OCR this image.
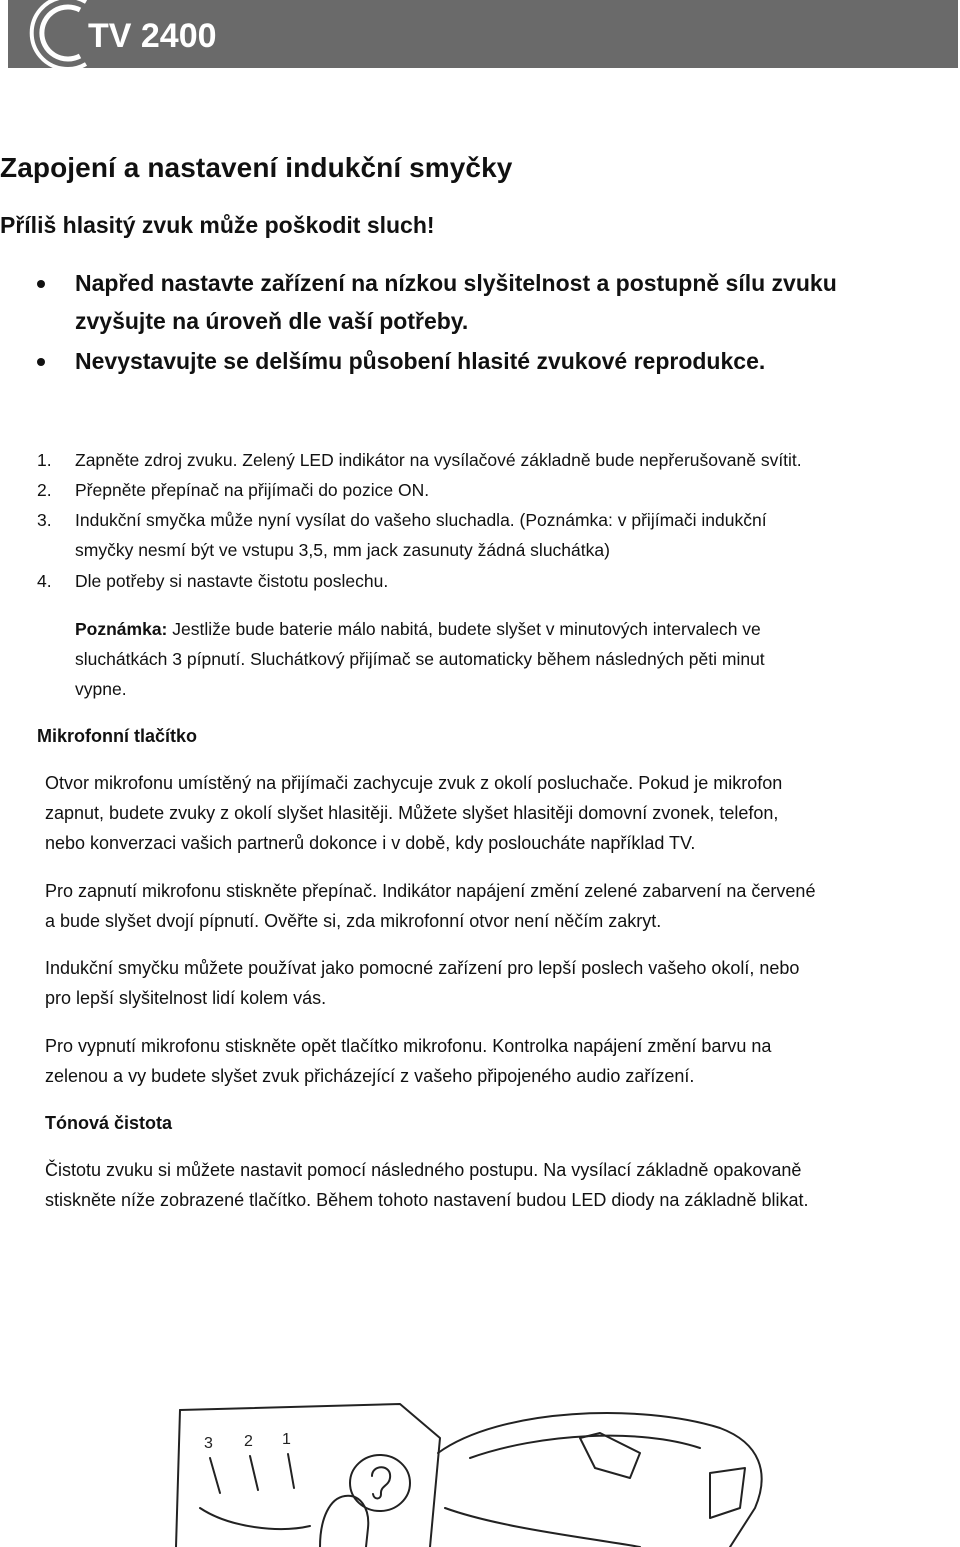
TV 2400
Zapojení a nastavení indukční smyčky
Příliš hlasitý zvuk může poškodit sluch!
Napřed nastavte zařízení na nízkou slyšitelnost a postupně sílu zvuku
zvyšujte na úroveň dle vaší potřeby.
Nevystavujte se delšímu působení hlasité zvukové reprodukce.
1. Zapněte zdroj zvuku. Zelený LED indikátor na vysílačové základně bude nepřerušovaně svítit.
2. Přepněte přepínač na přijímači do pozice ON.
3. Indukční smyčka může nyní vysílat do vašeho sluchadla. (Poznámka: v přijímači indukční
smyčky nesmí být ve vstupu 3,5, mm jack zasunuty žádná sluchátka)
4. Dle potřeby si nastavte čistotu poslechu.
Poznámka: Jestliže bude baterie málo nabitá, budete slyšet v minutových intervalech ve
sluchátkách 3 pípnutí. Sluchátkový přijímač se automaticky během následných pěti minut
vypne.
Mikrofonní tlačítko
Otvor mikrofonu umístěný na přijímači zachycuje zvuk z okolí posluchače. Pokud je mikrofon
zapnut, budete zvuky z okolí slyšet hlasitěji. Můžete slyšet hlasitěji domovní zvonek, telefon,
nebo konverzaci vašich partnerů dokonce i v době, kdy posloucháte například TV.
Pro zapnutí mikrofonu stiskněte přepínač. Indikátor napájení změní zelené zabarvení na červené
a bude slyšet dvojí pípnutí. Ověřte si, zda mikrofonní otvor není něčím zakryt.
Indukční smyčku můžete používat jako pomocné zařízení pro lepší poslech vašeho okolí, nebo
pro lepší slyšitelnost lidí kolem vás.
Pro vypnutí mikrofonu stiskněte opět tlačítko mikrofonu. Kontrolka napájení změní barvu na
zelenou a vy budete slyšet zvuk přicházející z vašeho připojeného audio zařízení.
Tónová čistota
Čistotu zvuku si můžete nastavit pomocí následného postupu. Na vysílací základně opakovaně
stiskněte níže zobrazené tlačítko. Během tohoto nastavení budou LED diody na základně blikat.
3 2 1
